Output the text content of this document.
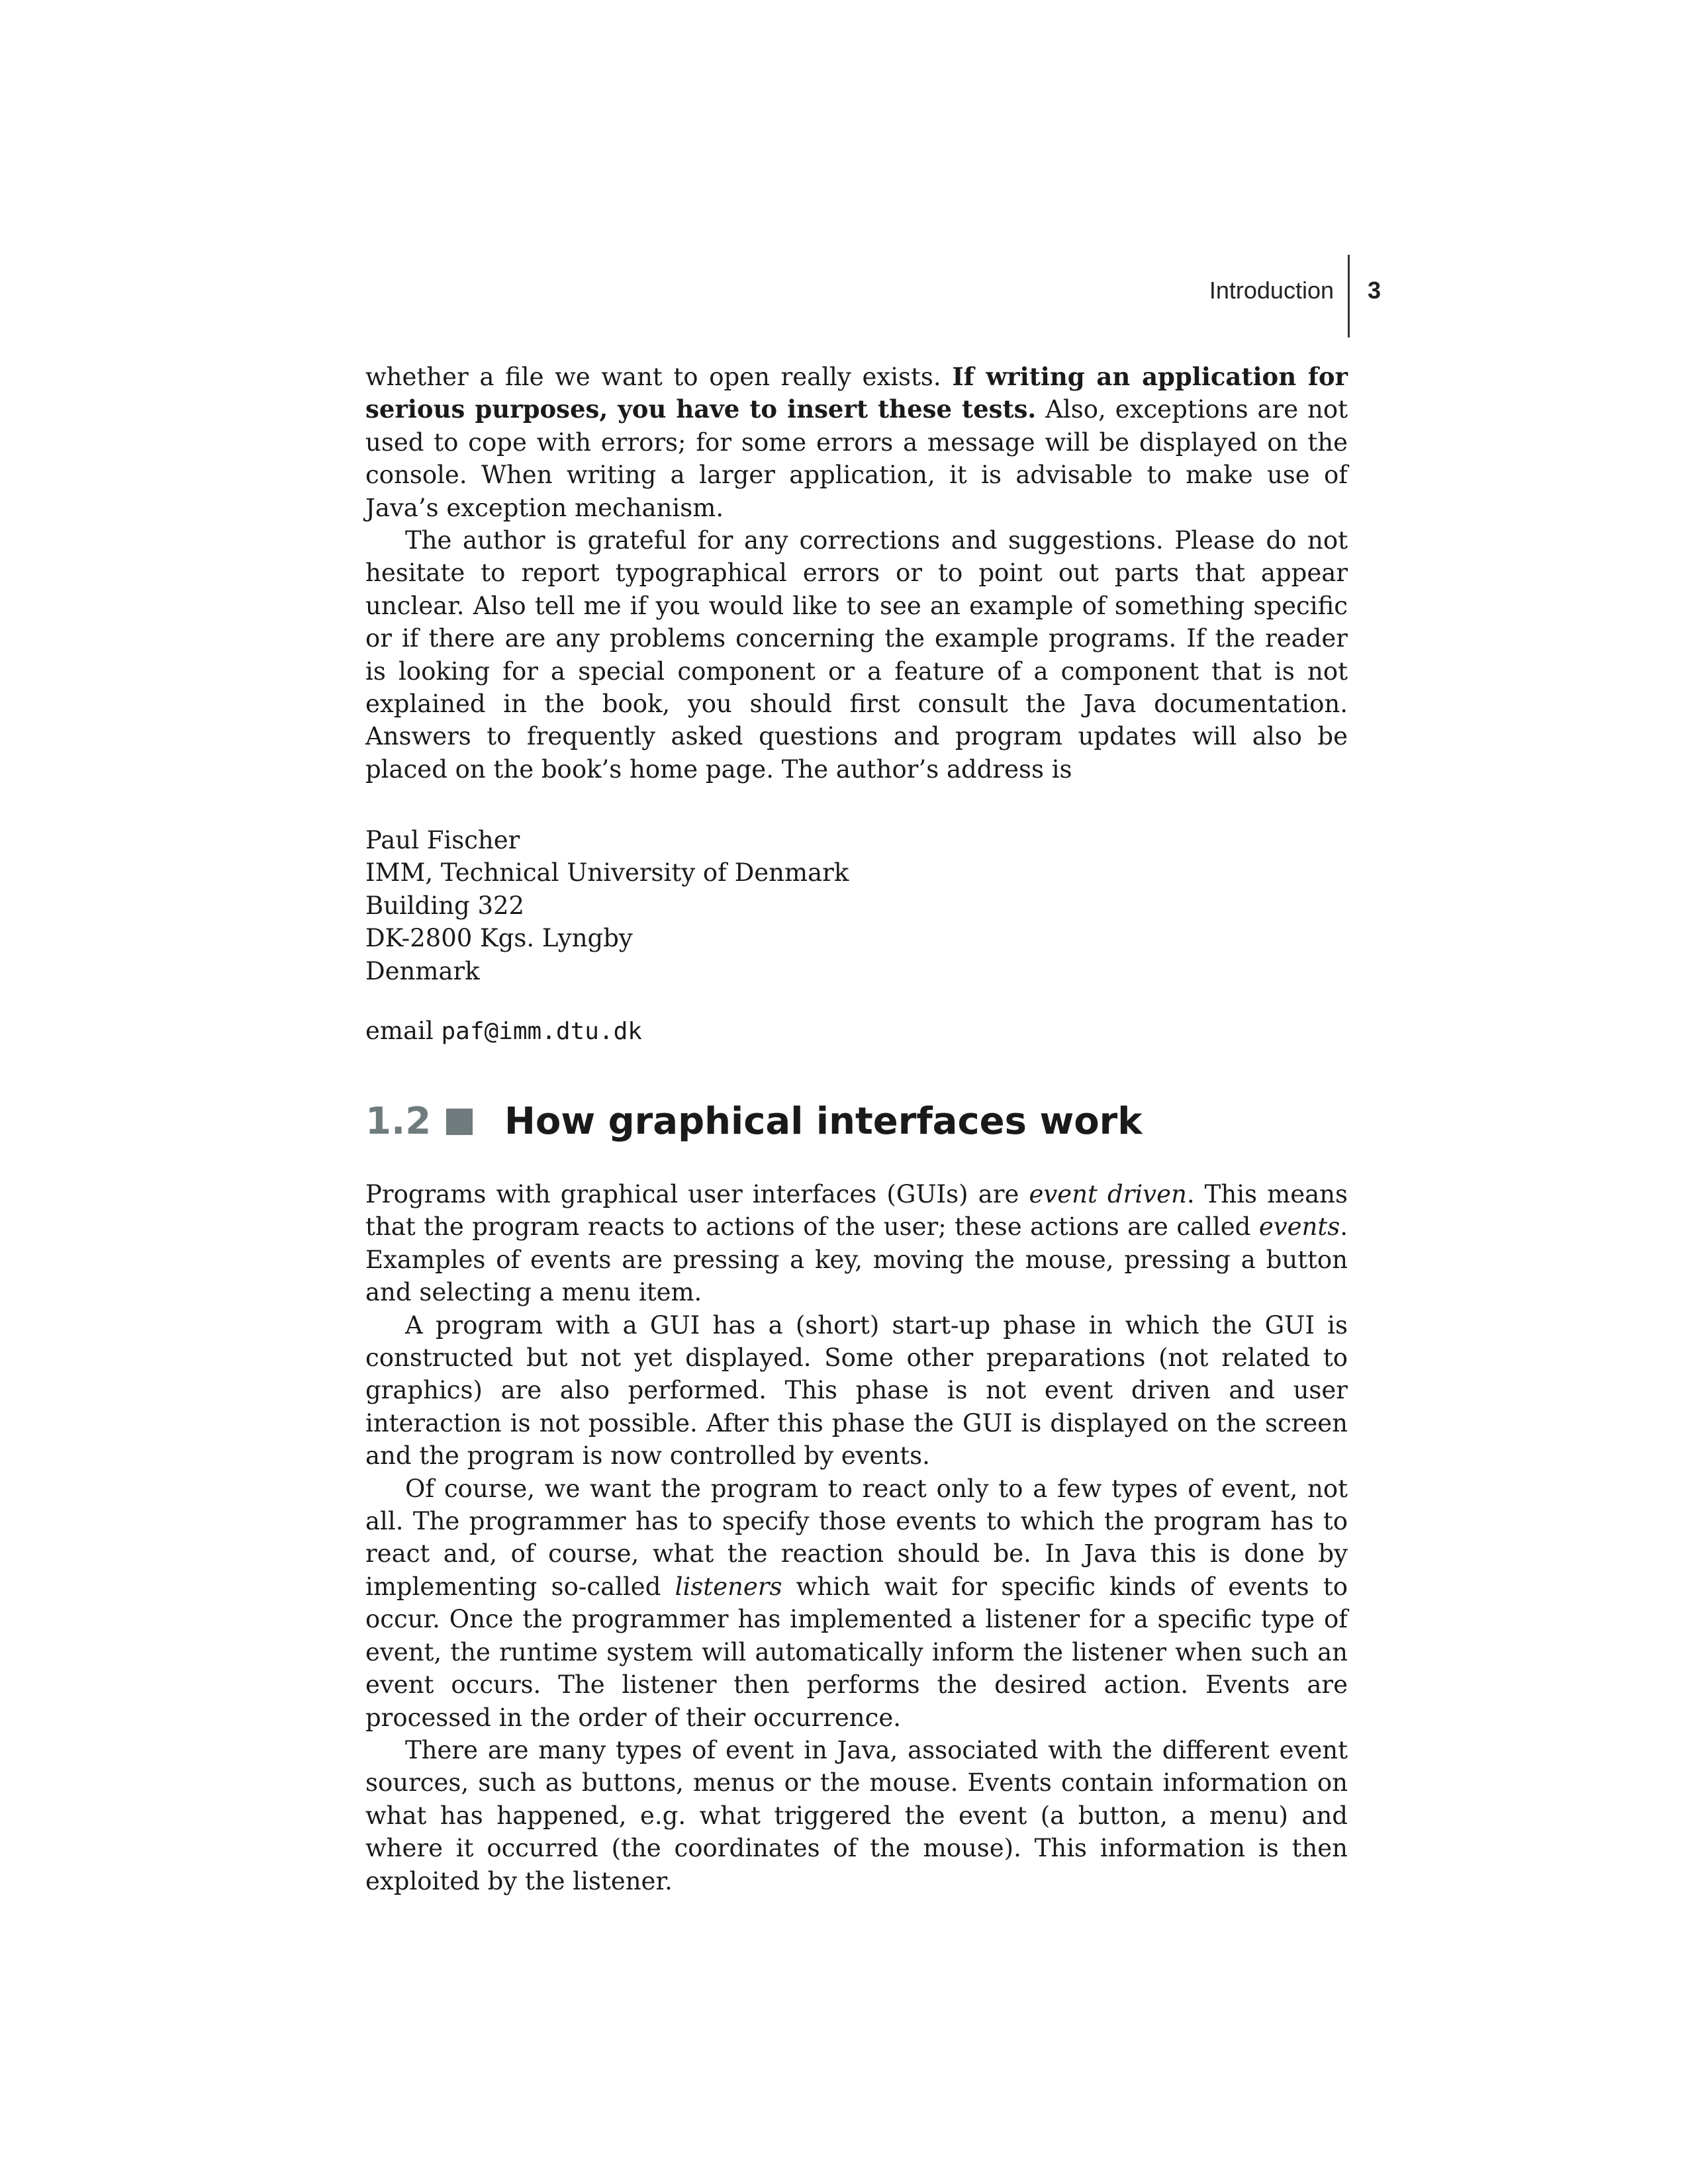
Introduction 3

whether a file we want to open really exists. If writing an application for serious purposes, you have to insert these tests. Also, exceptions are not used to cope with errors; for some errors a message will be displayed on the console. When writing a larger application, it is advisable to make use of Java’s exception mechanism.

The author is grateful for any corrections and suggestions. Please do not hesitate to report typographical errors or to point out parts that appear unclear. Also tell me if you would like to see an example of something specific or if there are any problems concerning the example programs. If the reader is looking for a special component or a feature of a component that is not explained in the book, you should first consult the Java documentation. Answers to frequently asked questions and program updates will also be placed on the book’s home page. The author’s address is

Paul Fischer
IMM, Technical University of Denmark
Building 322
DK-2800 Kgs. Lyngby
Denmark
email paf@imm.dtu.dk
1.2 How graphical interfaces work

Programs with graphical user interfaces (GUIs) are event driven. This means that the program reacts to actions of the user; these actions are called events. Examples of events are pressing a key, moving the mouse, pressing a button and selecting a menu item.

A program with a GUI has a (short) start-up phase in which the GUI is constructed but not yet displayed. Some other preparations (not related to graphics) are also performed. This phase is not event driven and user interaction is not possible. After this phase the GUI is displayed on the screen and the program is now controlled by events.

Of course, we want the program to react only to a few types of event, not all. The programmer has to specify those events to which the program has to react and, of course, what the reaction should be. In Java this is done by implementing so-called listeners which wait for specific kinds of events to occur. Once the programmer has implemented a listener for a specific type of event, the runtime system will automatically inform the listener when such an event occurs. The listener then performs the desired action. Events are processed in the order of their occurrence.

There are many types of event in Java, associated with the different event sources, such as buttons, menus or the mouse. Events contain information on what has happened, e.g. what triggered the event (a button, a menu) and where it occurred (the coordinates of the mouse). This information is then exploited by the listener.
